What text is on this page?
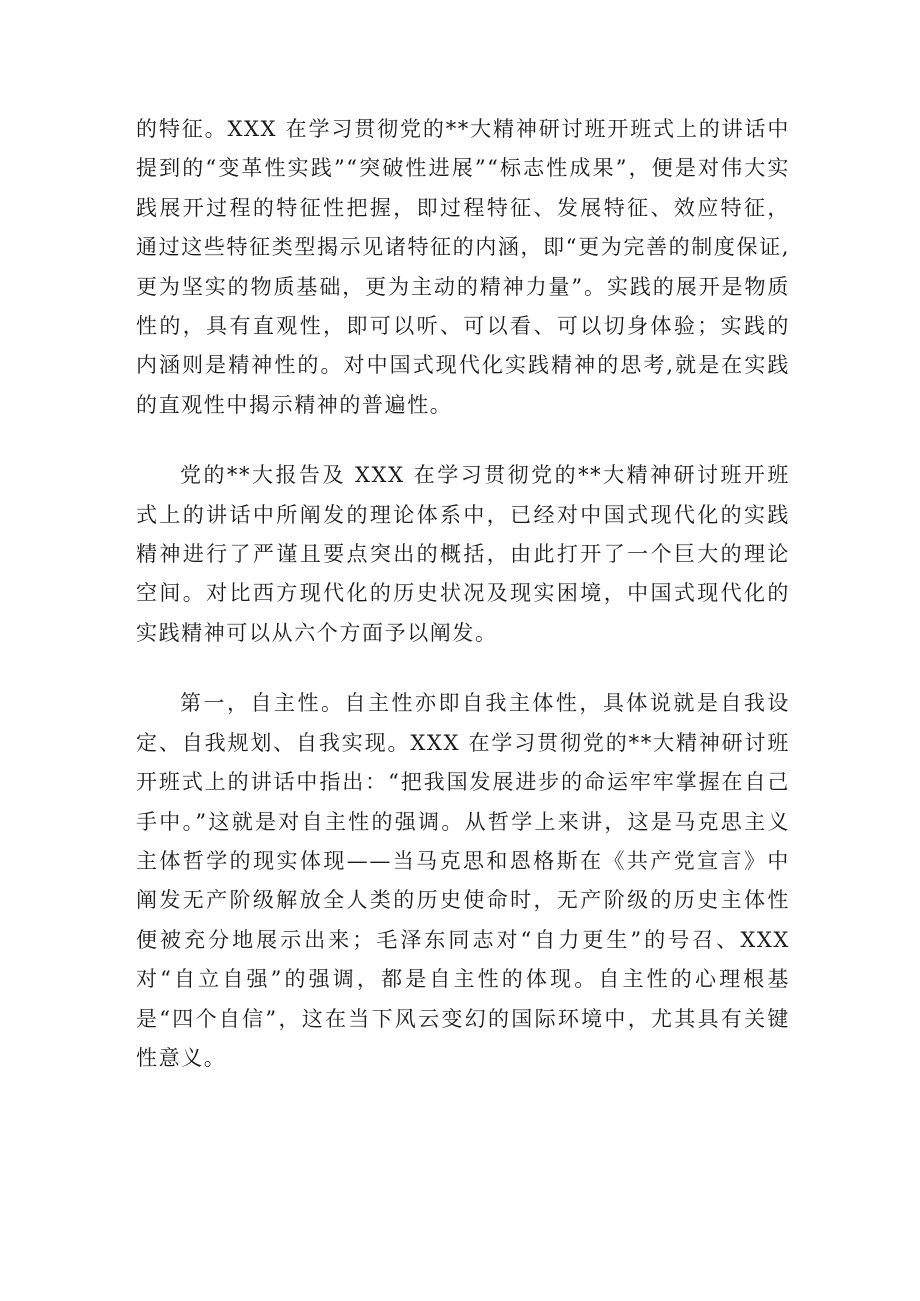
的特征。XXX 在学习贯彻党的**大精神研讨班开班式上的讲话中提到的“变革性实践”“突破性进展”“标志性成果”，便是对伟大实践展开过程的特征性把握，即过程特征、发展特征、效应特征，通过这些特征类型揭示见诸特征的内涵，即“更为完善的制度保证,更为坚实的物质基础，更为主动的精神力量”。实践的展开是物质性的，具有直观性，即可以听、可以看、可以切身体验；实践的内涵则是精神性的。对中国式现代化实践精神的思考,就是在实践的直观性中揭示精神的普遍性。

党的**大报告及 XXX 在学习贯彻党的**大精神研讨班开班式上的讲话中所阐发的理论体系中，已经对中国式现代化的实践精神进行了严谨且要点突出的概括，由此打开了一个巨大的理论空间。对比西方现代化的历史状况及现实困境，中国式现代化的实践精神可以从六个方面予以阐发。

第一，自主性。自主性亦即自我主体性，具体说就是自我设定、自我规划、自我实现。XXX 在学习贯彻党的**大精神研讨班开班式上的讲话中指出：“把我国发展进步的命运牢牢掌握在自己手中。”这就是对自主性的强调。从哲学上来讲，这是马克思主义主体哲学的现实体现——当马克思和恩格斯在《共产党宣言》中阐发无产阶级解放全人类的历史使命时，无产阶级的历史主体性便被充分地展示出来；毛泽东同志对“自力更生”的号召、XXX 对“自立自强”的强调，都是自主性的体现。自主性的心理根基是“四个自信”，这在当下风云变幻的国际环境中，尤其具有关键性意义。
